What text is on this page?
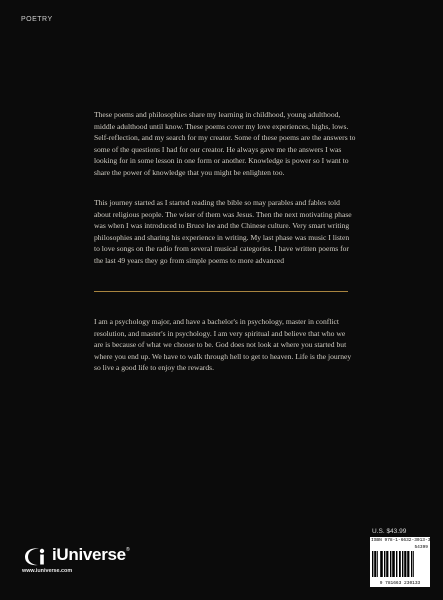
POETRY

These poems and philosophies share my learning in childhood, young adulthood, middle adulthood until know. These poems cover my love experiences, highs, lows. Self-reflection, and my search for my creator. Some of these poems are the answers to some of the questions I had for our creator. He always gave me the answers I was looking for in some lesson in one form or another. Knowledge is power so I want to share the power of knowledge that you might be enlighten too.

This journey started as I started reading the bible so may parables and fables told about religious people. The wiser of them was Jesus. Then the next motivating phase was when I was introduced to Bruce lee and the Chinese culture. Very smart writing philosophies and sharing his experience in writing. My last phase was music I listen to love songs on the radio from several musical categories. I have written poems for the last 49 years they go from simple poems to more advanced

I am a psychology major, and have a bachelor's in psychology, master in conflict resolution, and master's in psychology. I am very spiritual and believe that who we are is because of what we choose to be. God does not look at where you started but where you end up. We have to walk through hell to get to heaven. Life is the journey so live a good life to enjoy the rewards.

U.S. $43.99
ISBN 978-1-6632-3013-3
54399
9 781663 230133
iUniverse ®
www.iuniverse.com
